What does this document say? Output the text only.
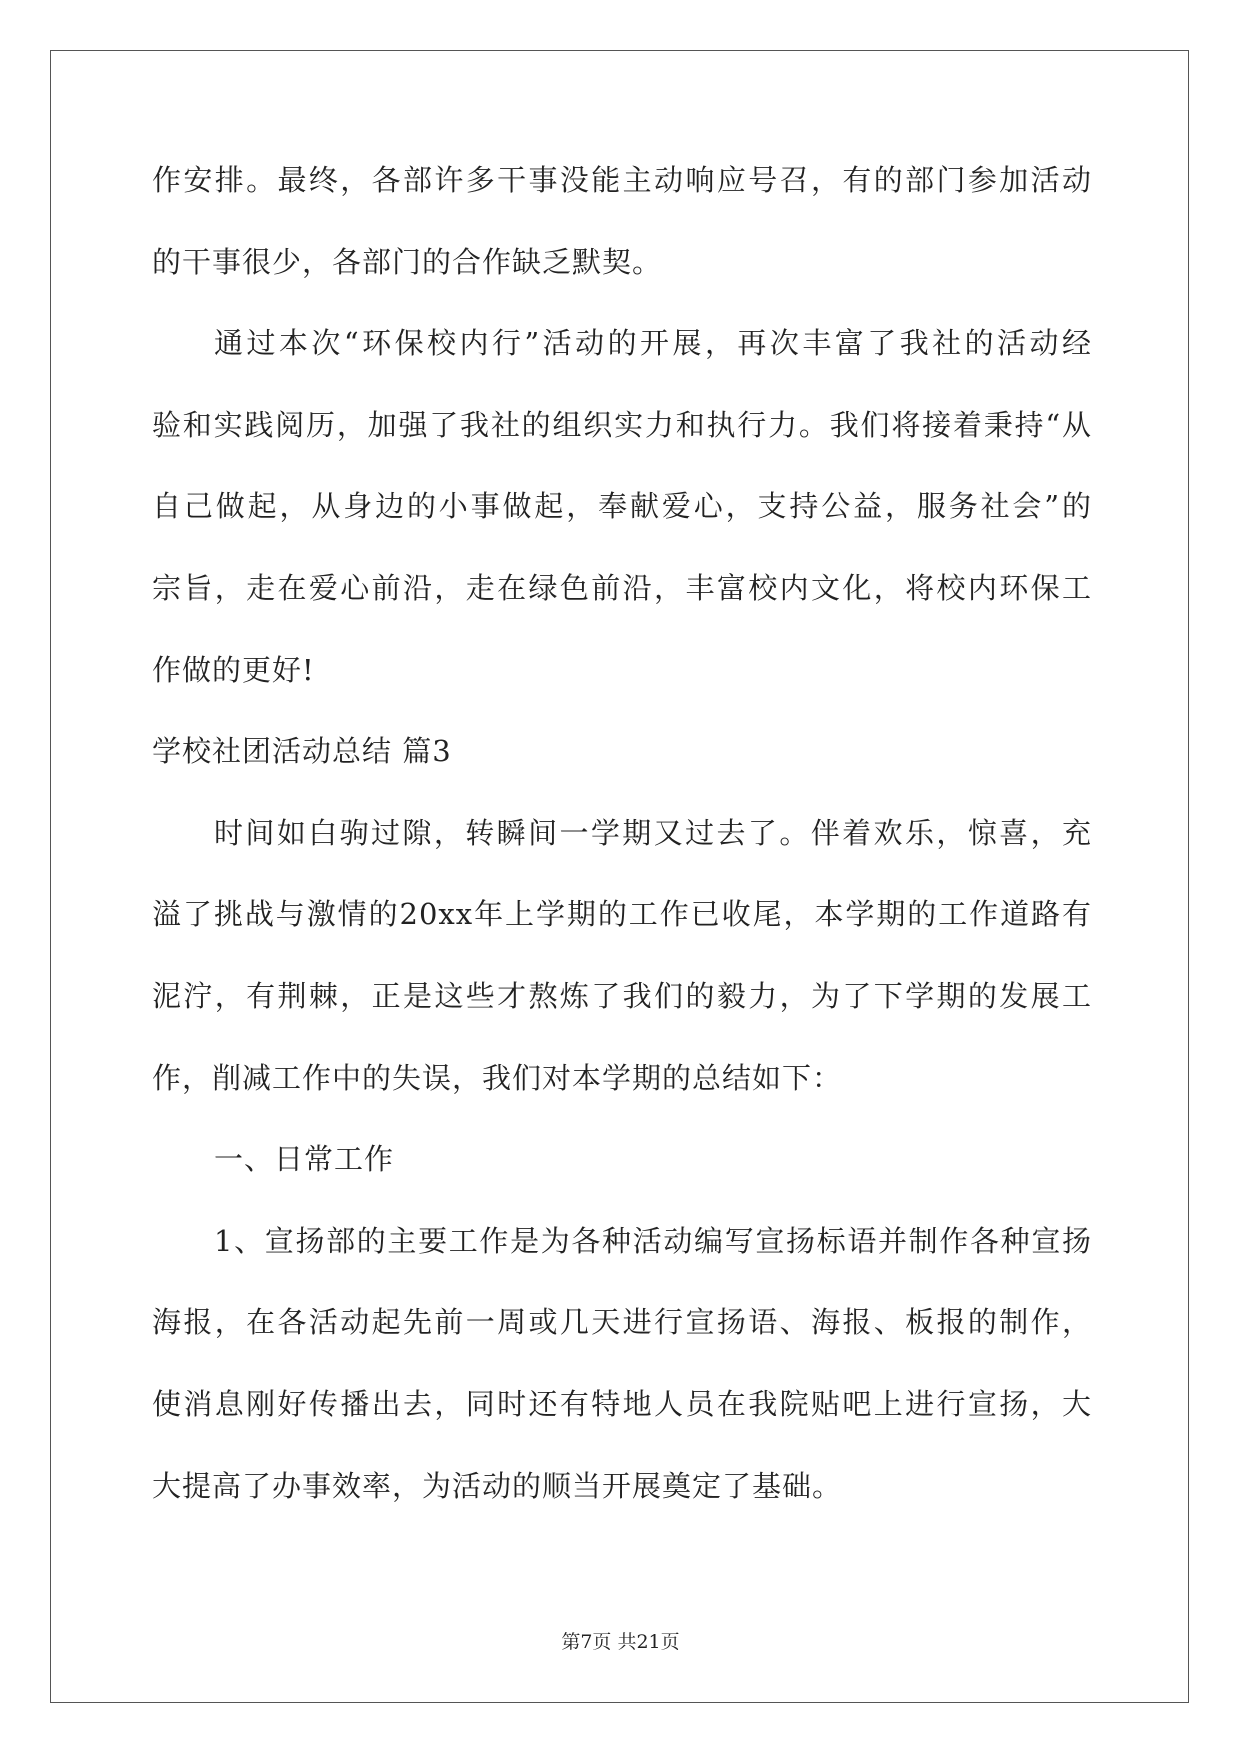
作安排。最终，各部许多干事没能主动响应号召，有的部门参加活动
的干事很少，各部门的合作缺乏默契。
通过本次“环保校内行”活动的开展，再次丰富了我社的活动经
验和实践阅历，加强了我社的组织实力和执行力。我们将接着秉持“从
自己做起，从身边的小事做起，奉献爱心，支持公益，服务社会”的
宗旨，走在爱心前沿，走在绿色前沿，丰富校内文化，将校内环保工
作做的更好!
学校社团活动总结 篇3
时间如白驹过隙，转瞬间一学期又过去了。伴着欢乐，惊喜，充
溢了挑战与激情的20xx年上学期的工作已收尾，本学期的工作道路有
泥泞，有荆棘，正是这些才熬炼了我们的毅力，为了下学期的发展工
作，削减工作中的失误，我们对本学期的总结如下：
一、日常工作
1、宣扬部的主要工作是为各种活动编写宣扬标语并制作各种宣扬
海报，在各活动起先前一周或几天进行宣扬语、海报、板报的制作，
使消息刚好传播出去，同时还有特地人员在我院贴吧上进行宣扬，大
大提高了办事效率，为活动的顺当开展奠定了基础。
第7页 共21页
